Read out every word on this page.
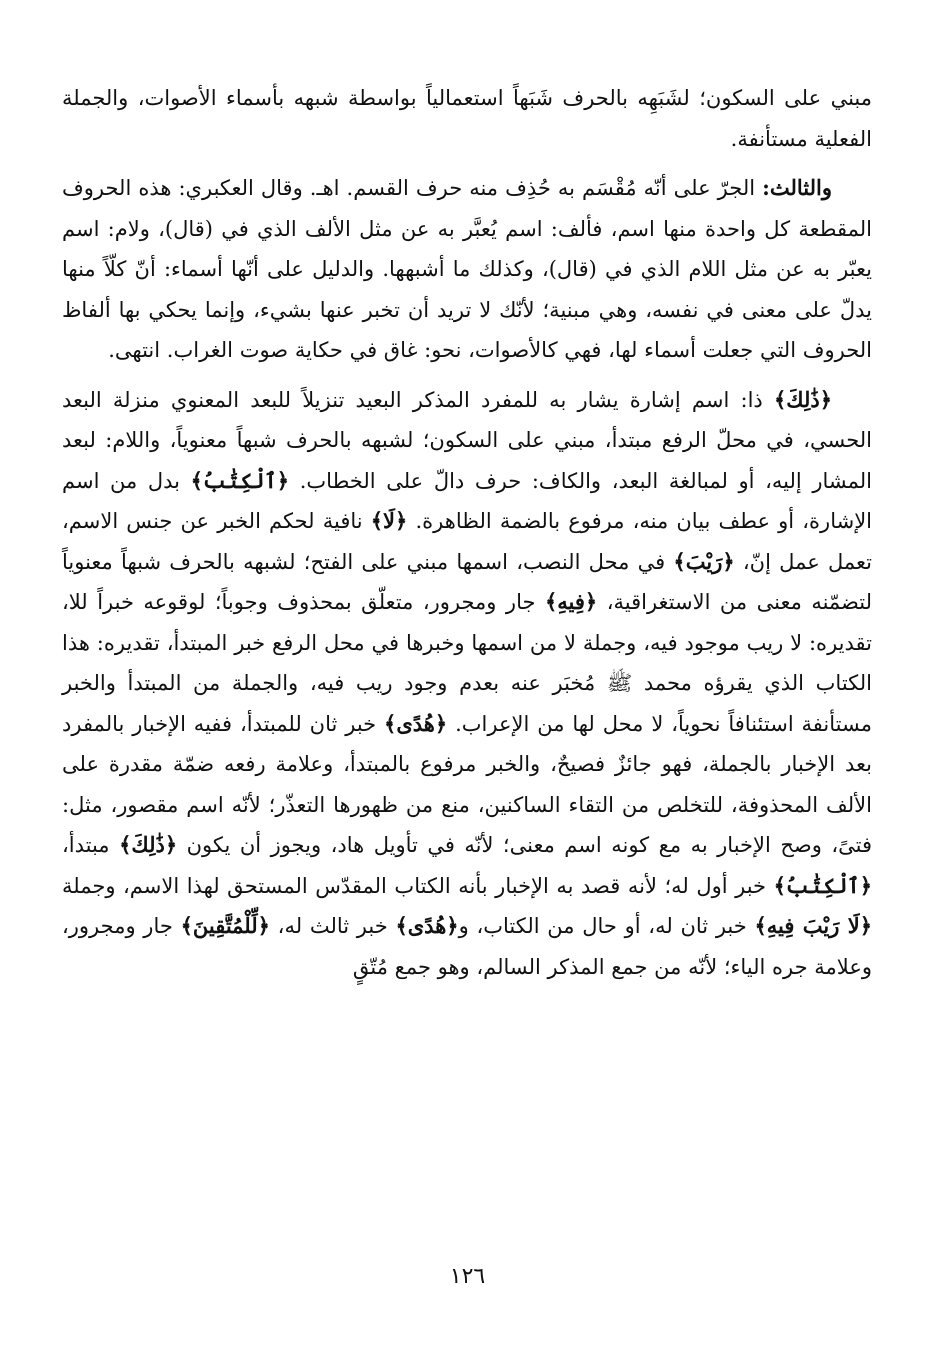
مبني على السكون؛ لشَبَهِه بالحرف شَبَهاً استعمالياً بواسطة شبهه بأسماء الأصوات، والجملة الفعلية مستأنفة.

والثالث: الجرّ على أنّه مُقْسَم به حُذِف منه حرف القسم. اهـ. وقال العكبري: هذه الحروف المقطعة كل واحدة منها اسم، فألف: اسم يُعبَّر به عن مثل الألف الذي في (قال)، ولام: اسم يعبّر به عن مثل اللام الذي في (قال)، وكذلك ما أشبهها. والدليل على أنّها أسماء: أنّ كلّاً منها يدلّ على معنى في نفسه، وهي مبنية؛ لأنّك لا تريد أن تخبر عنها بشيء، وإنما يحكي بها ألفاظ الحروف التي جعلت أسماء لها، فهي كالأصوات، نحو: غاق في حكاية صوت الغراب. انتهى.

﴿ذَٰلِكَ﴾ ذا: اسم إشارة يشار به للمفرد المذكر البعيد تنزيلاً للبعد المعنوي منزلة البعد الحسي، في محلّ الرفع مبتدأ، مبني على السكون؛ لشبهه بالحرف شبهاً معنوياً، واللام: لبعد المشار إليه، أو لمبالغة البعد، والكاف: حرف دالّ على الخطاب. ﴿ٱلْكِتَٰبُ﴾ بدل من اسم الإشارة، أو عطف بيان منه، مرفوع بالضمة الظاهرة. ﴿لَا﴾ نافية لحكم الخبر عن جنس الاسم، تعمل عمل إنّ، ﴿رَيْبَ﴾ في محل النصب، اسمها مبني على الفتح؛ لشبهه بالحرف شبهاً معنوياً لتضمّنه معنى من الاستغراقية، ﴿فِيهِ﴾ جار ومجرور، متعلّق بمحذوف وجوباً؛ لوقوعه خبراً للا، تقديره: لا ريب موجود فيه، وجملة لا من اسمها وخبرها في محل الرفع خبر المبتدأ، تقديره: هذا الكتاب الذي يقرؤه محمد ﷺ مُخبَر عنه بعدم وجود ريب فيه، والجملة من المبتدأ والخبر مستأنفة استئنافاً نحوياً، لا محل لها من الإعراب. ﴿هُدًى﴾ خبر ثان للمبتدأ، ففيه الإخبار بالمفرد بعد الإخبار بالجملة، فهو جائزٌ فصيحٌ، والخبر مرفوع بالمبتدأ، وعلامة رفعه ضمّة مقدرة على الألف المحذوفة، للتخلص من التقاء الساكنين، منع من ظهورها التعذّر؛ لأنّه اسم مقصور، مثل: فتىً، وصح الإخبار به مع كونه اسم معنى؛ لأنّه في تأويل هاد، ويجوز أن يكون ﴿ذَٰلِكَ﴾ مبتدأ، ﴿ٱلْكِتَٰبُ﴾ خبر أول له؛ لأنه قصد به الإخبار بأنه الكتاب المقدّس المستحق لهذا الاسم، وجملة ﴿لَا رَيْبَ فِيهِ﴾ خبر ثان له، أو حال من الكتاب، و﴿هُدًى﴾ خبر ثالث له، ﴿لِّلْمُتَّقِينَ﴾ جار ومجرور، وعلامة جره الياء؛ لأنّه من جمع المذكر السالم، وهو جمع مُتّقٍ

١٢٦
